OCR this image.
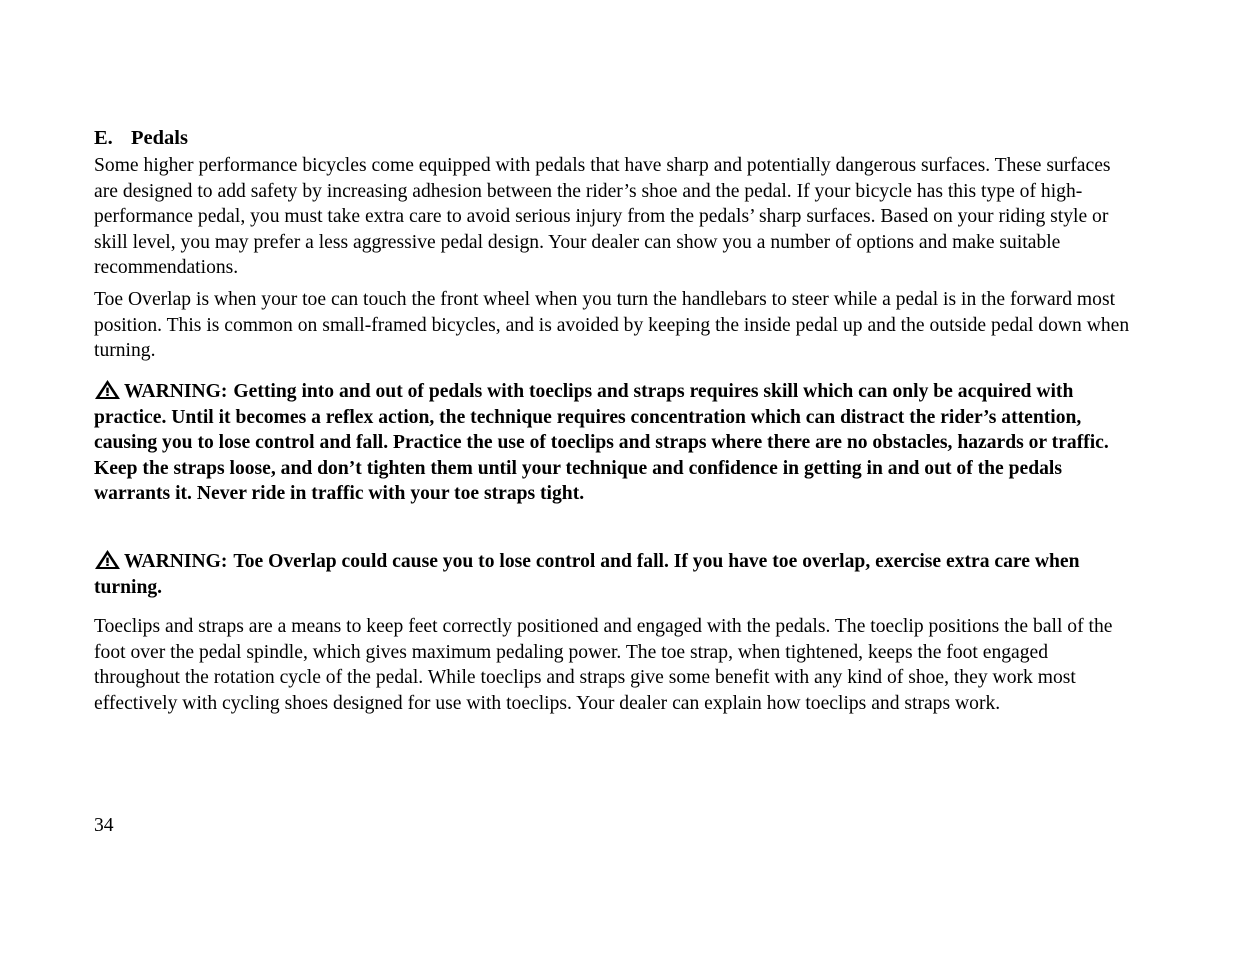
E. Pedals

Some higher performance bicycles come equipped with pedals that have sharp and potentially dangerous surfaces. These surfaces are designed to add safety by increasing adhesion between the rider’s shoe and the pedal. If your bicycle has this type of high-performance pedal, you must take extra care to avoid serious injury from the pedals’ sharp surfaces. Based on your riding style or skill level, you may prefer a less aggressive pedal design. Your dealer can show you a number of options and make suitable recommendations.

Toe Overlap is when your toe can touch the front wheel when you turn the handlebars to steer while a pedal is in the forward most position. This is common on small-framed bicycles, and is avoided by keeping the inside pedal up and the outside pedal down when turning.

WARNING: Getting into and out of pedals with toeclips and straps requires skill which can only be acquired with practice. Until it becomes a reflex action, the technique requires concentration which can distract the rider’s attention, causing you to lose control and fall. Practice the use of toeclips and straps where there are no obstacles, hazards or traffic. Keep the straps loose, and don’t tighten them until your technique and confidence in getting in and out of the pedals warrants it. Never ride in traffic with your toe straps tight.

WARNING: Toe Overlap could cause you to lose control and fall. If you have toe overlap, exercise extra care when turning.

Toeclips and straps are a means to keep feet correctly positioned and engaged with the pedals. The toeclip positions the ball of the foot over the pedal spindle, which gives maximum pedaling power. The toe strap, when tightened, keeps the foot engaged throughout the rotation cycle of the pedal. While toeclips and straps give some benefit with any kind of shoe, they work most effectively with cycling shoes designed for use with toeclips. Your dealer can explain how toeclips and straps work.

34
